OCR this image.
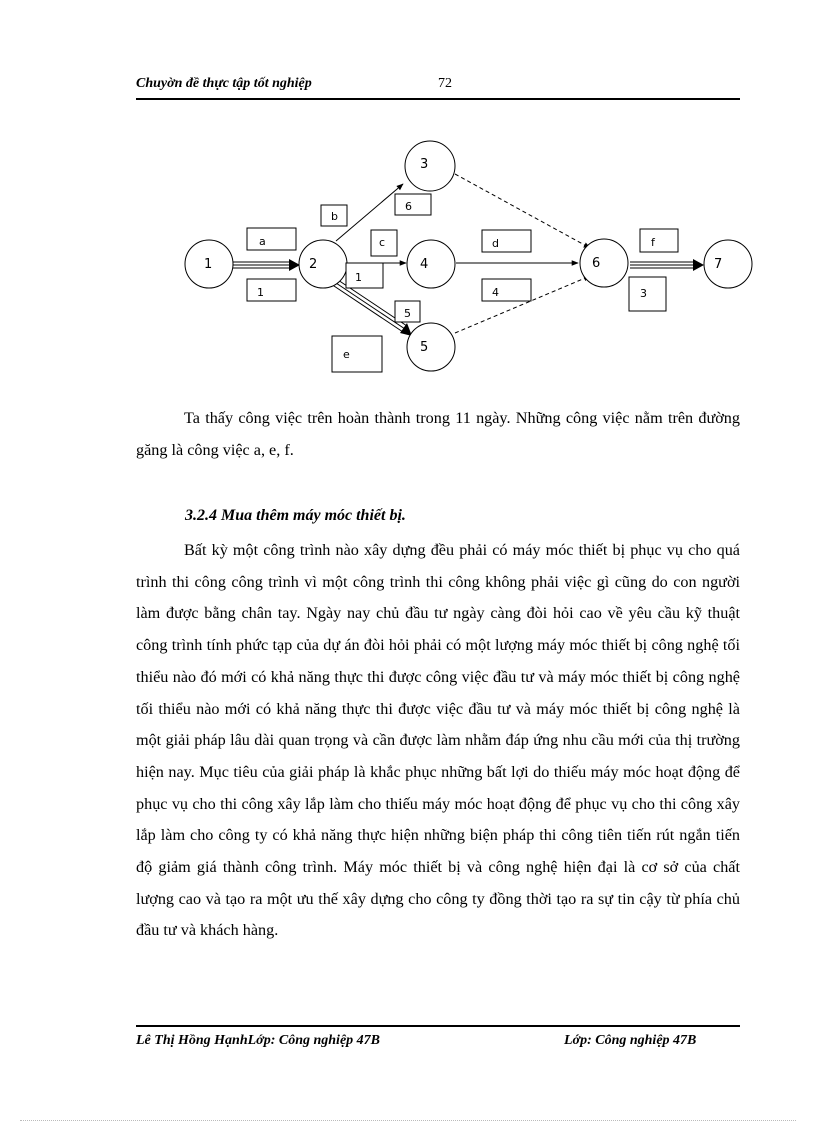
Chuyờn đề thực tập tốt nghiệp	72
1	2
3
4
5
6	7
a
1
b
6
c
1
d
4
5
e
f
3

Ta thấy công việc trên hoàn thành trong 11 ngày. Những công việc nằm trên đường găng là công việc a, e, f.

3.2.4 Mua thêm máy móc thiết bị.

Bất kỳ một công trình nào xây dựng đều phải có máy móc thiết bị phục vụ cho quá trình thi công công trình vì một công trình thi công không phải việc gì cũng do con người làm được bằng chân tay. Ngày nay chủ đầu tư ngày càng đòi hỏi cao về yêu cầu kỹ thuật công trình tính phức tạp của dự án đòi hỏi phải có một lượng máy móc thiết bị công nghệ tối thiểu nào đó mới có khả năng thực thi được công việc đầu tư và máy móc thiết bị công nghệ tối thiểu nào mới có khả năng thực thi được việc đầu tư và máy móc thiết bị công nghệ là một giải pháp lâu dài quan trọng và cần được làm nhằm đáp ứng nhu cầu mới của thị trường hiện nay. Mục tiêu của giải pháp là khắc phục những bất lợi do thiếu máy móc hoạt động để phục vụ cho thi công xây lắp làm cho thiếu máy móc hoạt động để phục vụ cho thi công xây lắp làm cho công ty có khả năng thực hiện những biện pháp thi công tiên tiến rút ngắn tiến độ giảm giá thành công trình. Máy móc thiết bị và công nghệ hiện đại là cơ sở của chất lượng cao và tạo ra một ưu thế xây dựng cho công ty đồng thời tạo ra sự tin cậy từ phía chủ đầu tư và khách hàng.

Lê Thị Hồng HạnhLớp: Công nghiệp 47B	Lớp: Công nghiệp 47B
